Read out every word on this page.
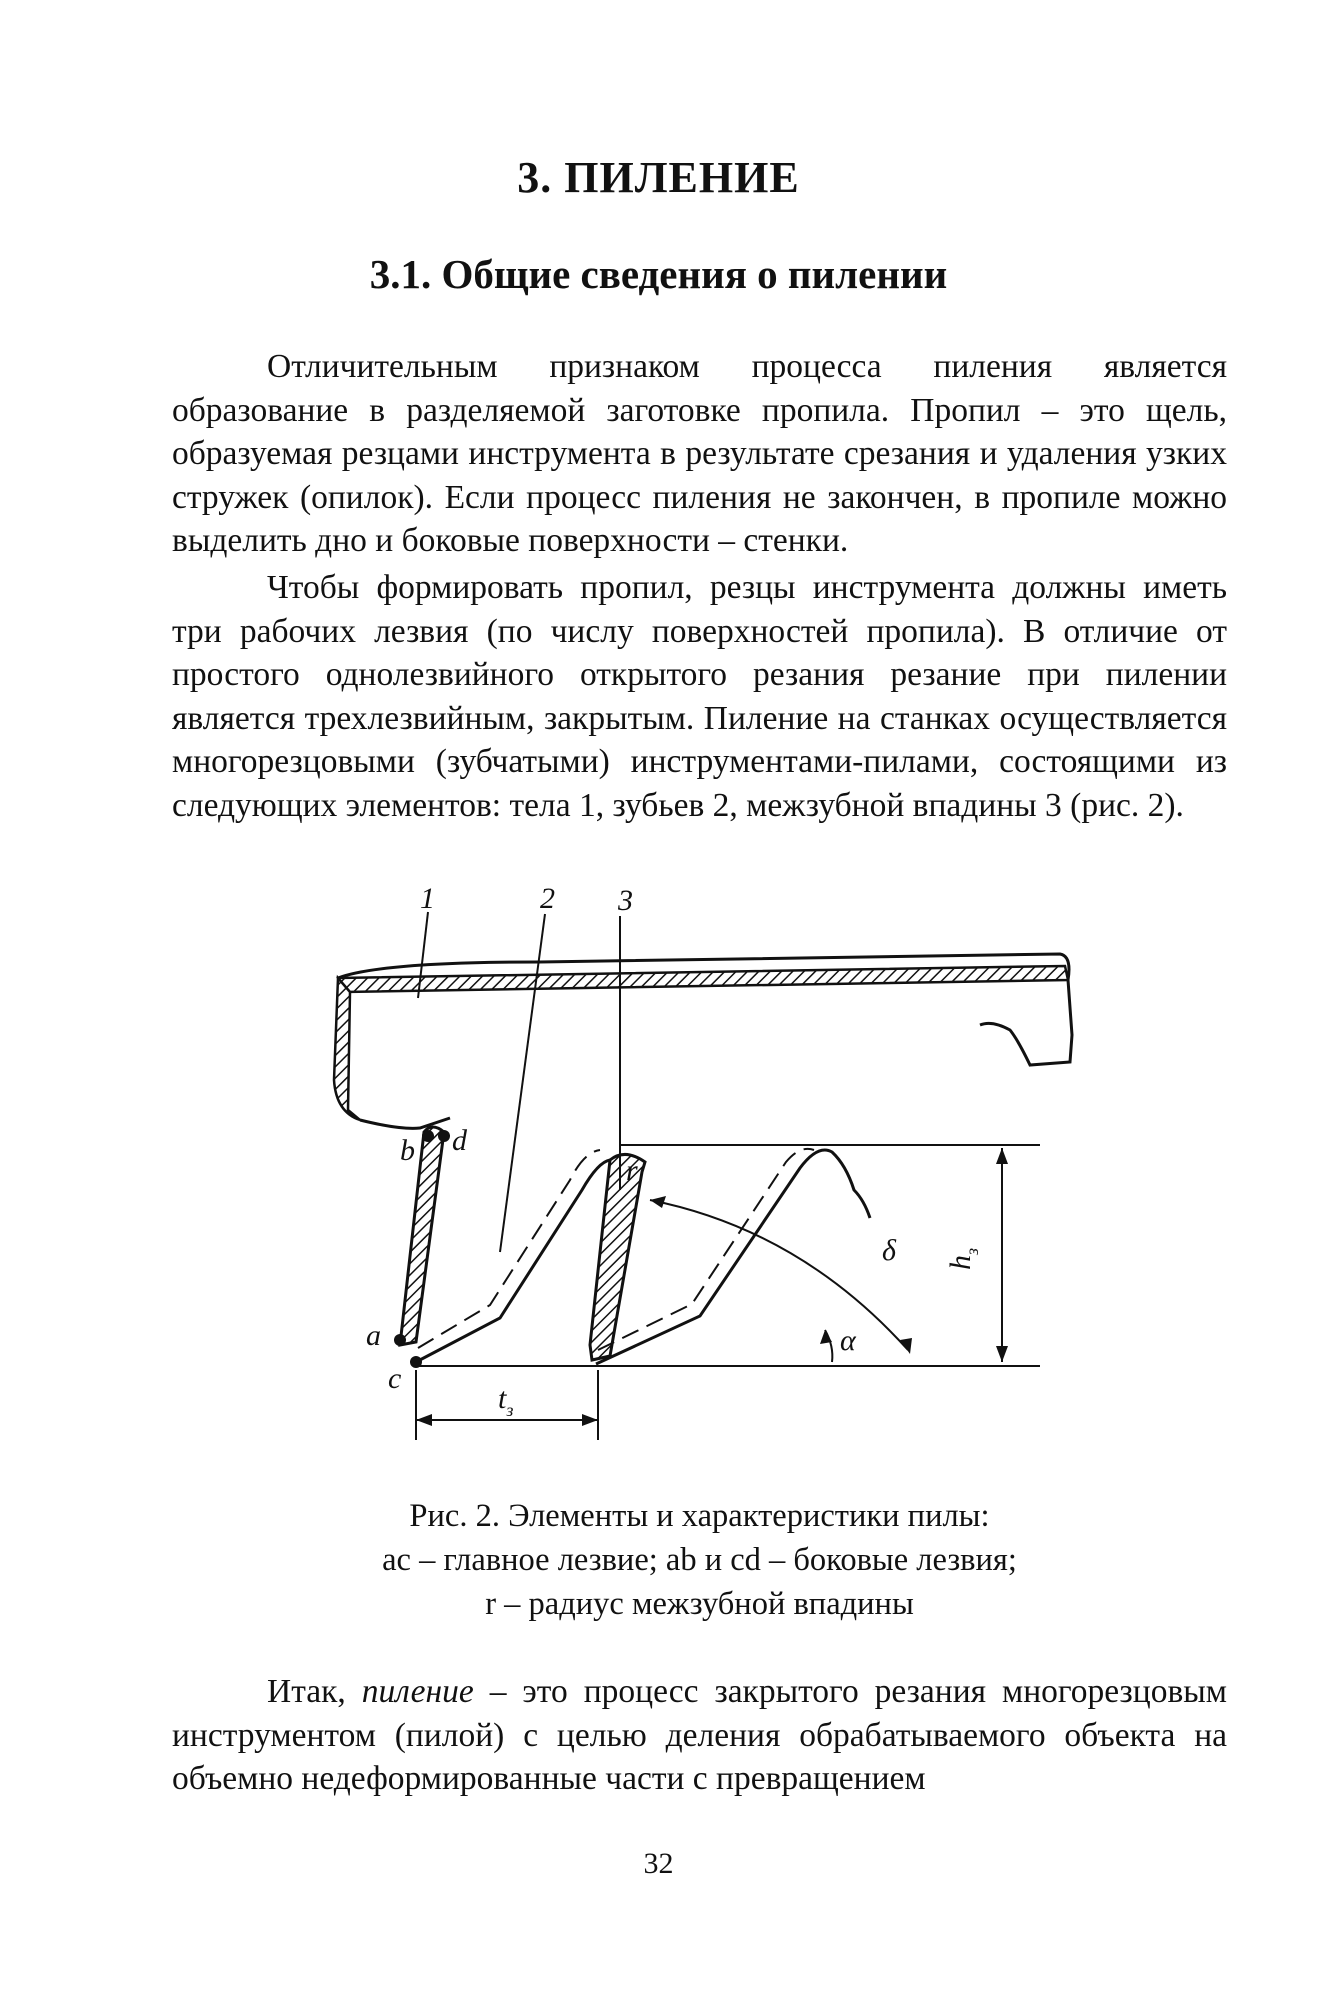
3. ПИЛЕНИЕ
3.1. Общие сведения о пилении

Отличительным признаком процесса пиления является образование в разделяемой заготовке пропила. Пропил – это щель, образуемая резцами инструмента в результате срезания и удаления узких стружек (опилок). Если процесс пиления не закончен, в пропиле можно выделить дно и боковые поверхности – стенки.

Чтобы формировать пропил, резцы инструмента должны иметь три рабочих лезвия (по числу поверхностей пропила). В отличие от простого однолезвийного открытого резания резание при пилении является трехлезвийным, закрытым. Пиление на станках осуществляется многорезцовыми (зубчатыми) инструментами-пилами, состоящими из следующих элементов: тела 1, зубьев 2, межзубной впадины 3 (рис. 2).

1	2 3
a
b
c
d
r
$t_з$
$h_з$
δ
α

Рис. 2. Элементы и характеристики пилы:
ac – главное лезвие; ab и cd – боковые лезвия;
r – радиус межзубной впадины

Итак, пиление – это процесс закрытого резания многорезцовым инструментом (пилой) с целью деления обрабатываемого объекта на объемно недеформированные части с превращением

32
